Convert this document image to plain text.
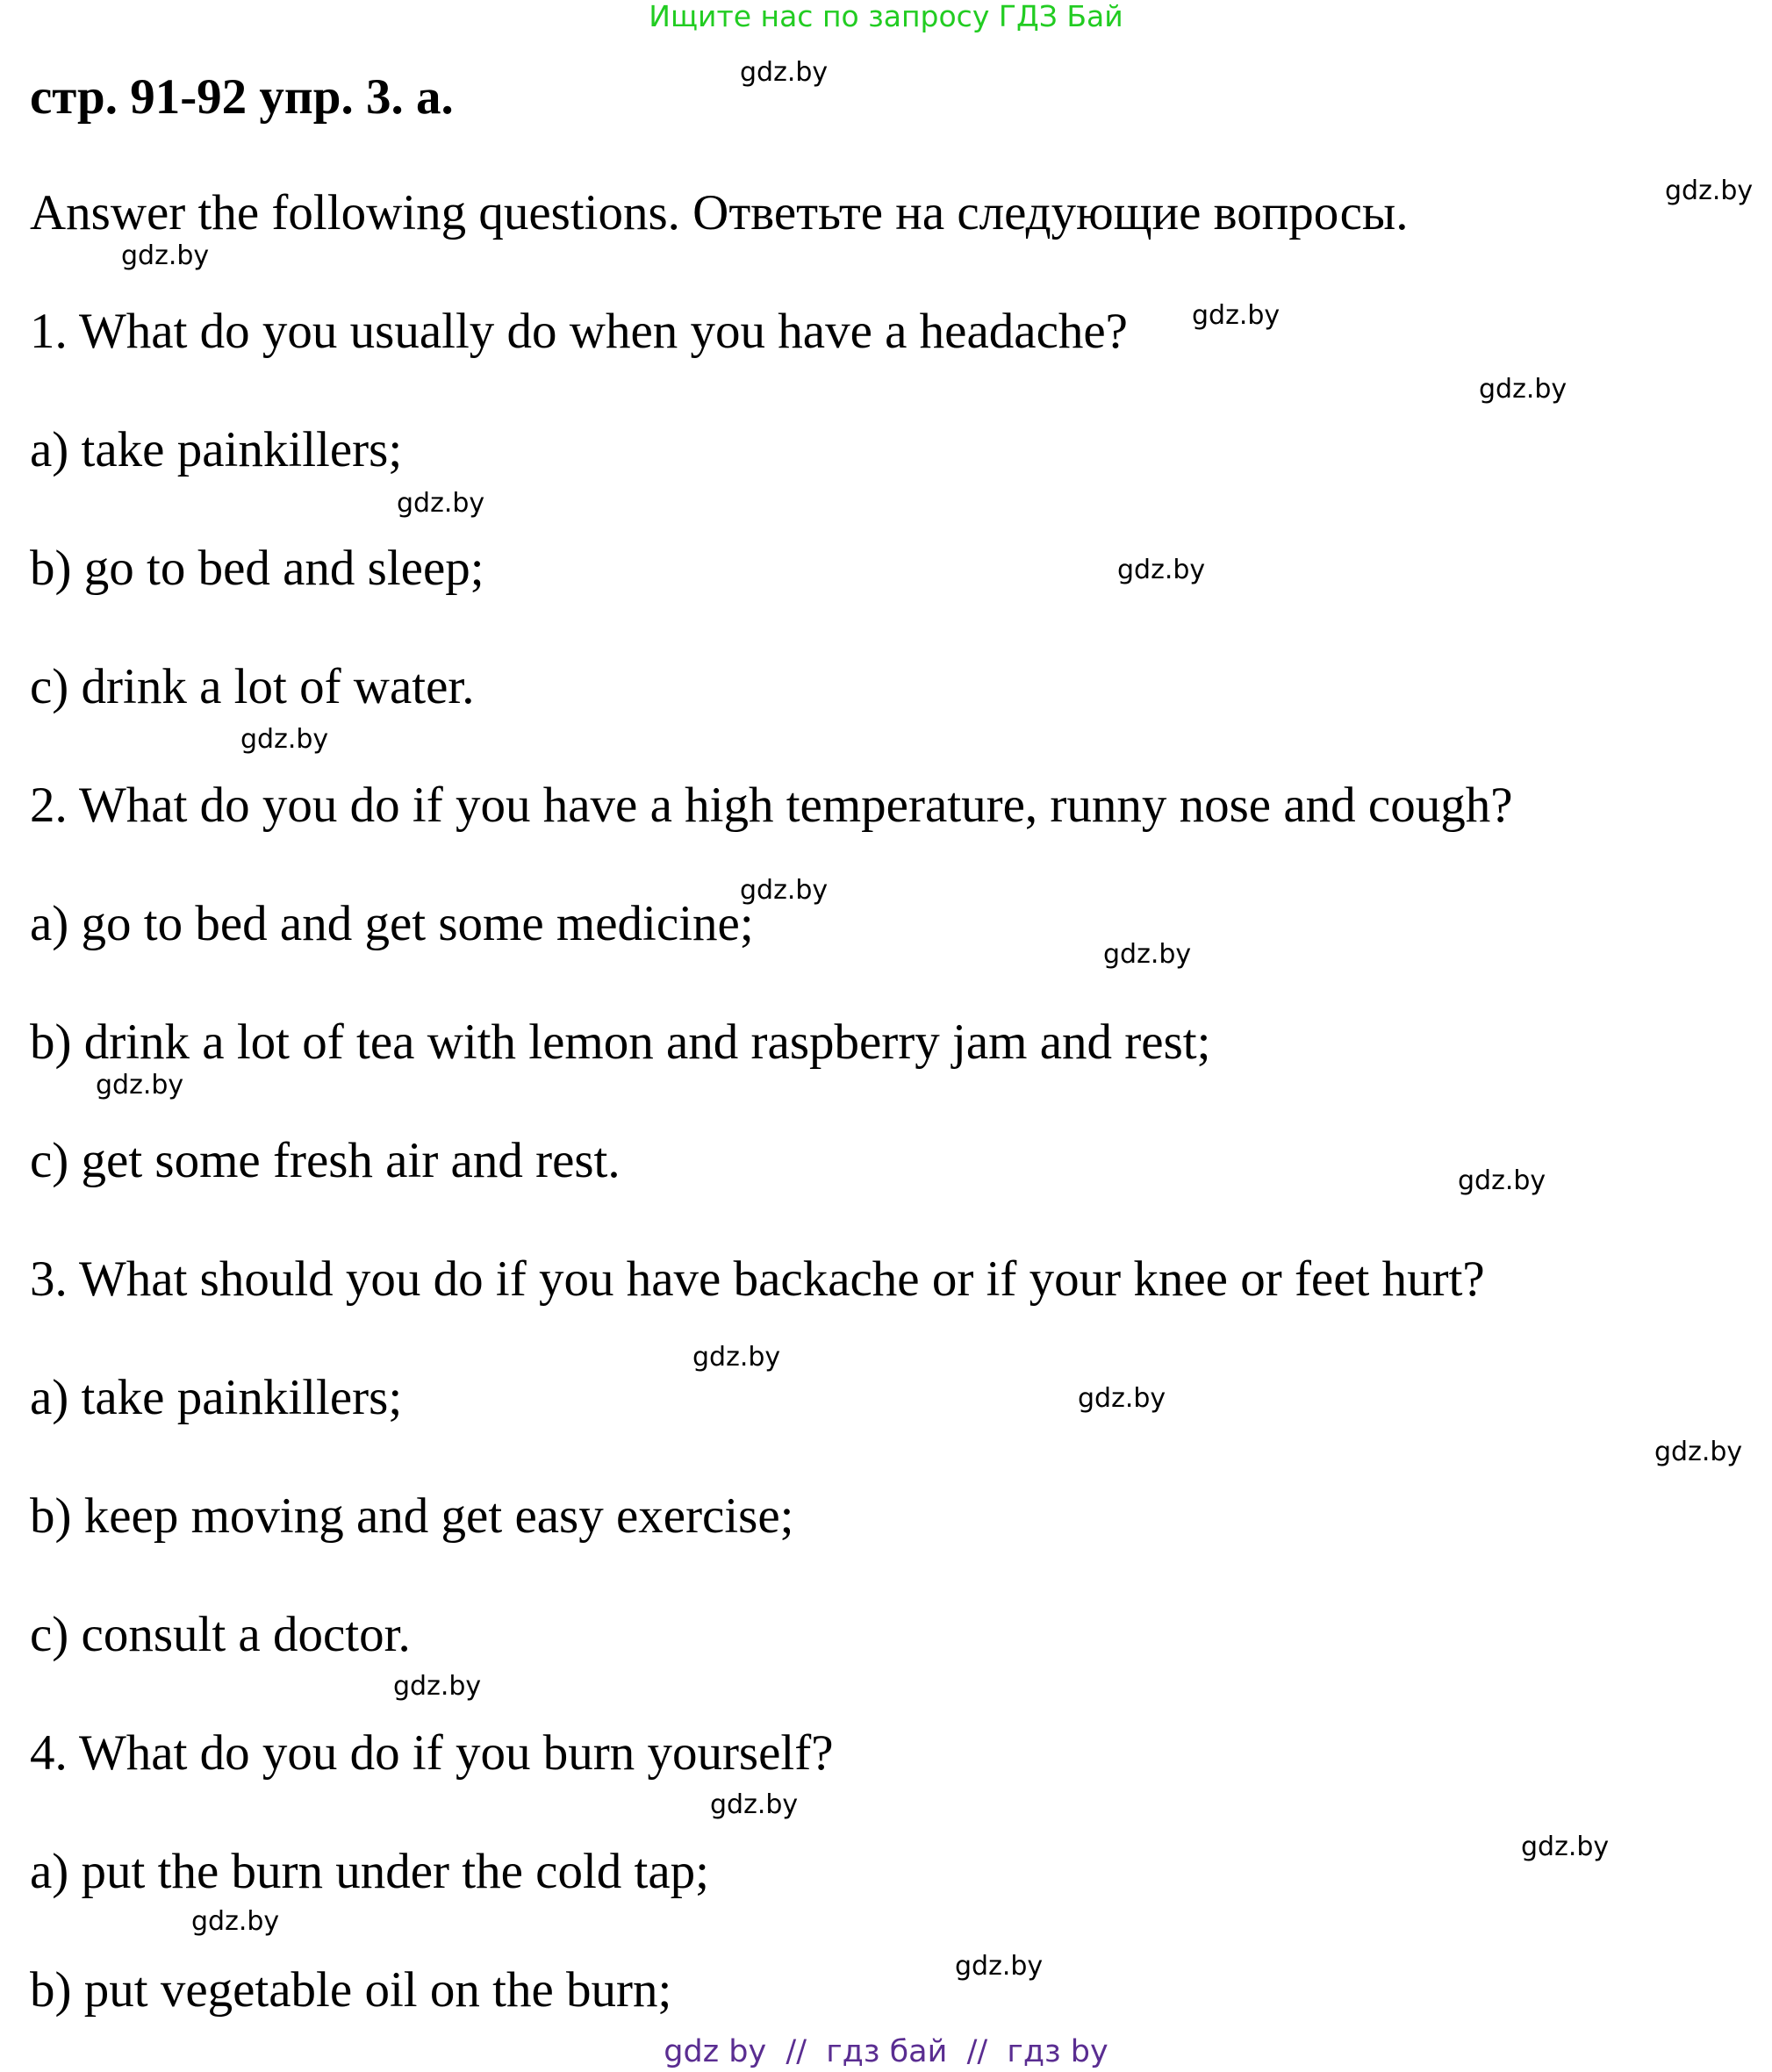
Ищите нас по запросу ГДЗ Бай
стр. 91-92 упр. 3. а.
Answer the following questions. Ответьте на следующие вопросы.
1. What do you usually do when you have a headache?
a) take painkillers;
b) go to bed and sleep;
c) drink a lot of water.
2. What do you do if you have a high temperature, runny nose and cough?
a) go to bed and get some medicine;
b) drink a lot of tea with lemon and raspberry jam and rest;
c) get some fresh air and rest.
3. What should you do if you have backache or if your knee or feet hurt?
a) take painkillers;
b) keep moving and get easy exercise;
c) consult a doctor.
4. What do you do if you burn yourself?
a) put the burn under the cold tap;
b) put vegetable oil on the burn;
gdz.by
gdz.by
gdz.by
gdz.by
gdz.by
gdz.by
gdz.by
gdz.by
gdz.by
gdz.by
gdz.by
gdz.by
gdz.by
gdz.by
gdz.by
gdz.by
gdz.by
gdz.by
gdz.by
gdz.by
gdz by  //  гдз бай  //  гдз by
